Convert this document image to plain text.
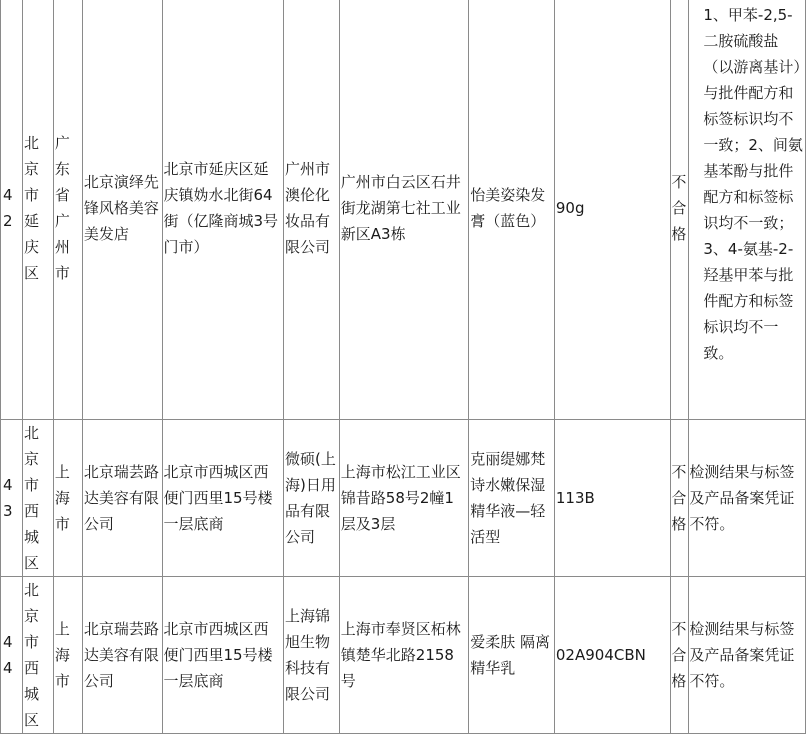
42	北京市延庆区	广东省广州市	北京演绎先锋风格美容美发店	北京市延庆区延庆镇妫水北街64街（亿隆商城3号门市）	广州市澳伦化妆品有限公司	广州市白云区石井街龙湖第七社工业新区A3栋	怡美姿染发膏（蓝色）	90g	不合格	1、甲苯-2,5-二胺硫酸盐（以游离基计）与批件配方和标签标识均不一致；2、间氨基苯酚与批件配方和标签标识均不一致；3、4-氨基-2-羟基甲苯与批件配方和标签标识均不一致。
43	北京市西城区	上海市	北京瑞芸路达美容有限公司	北京市西城区西便门西里15号楼一层底商	微硕(上海)日用品有限公司	上海市松江工业区锦昔路58号2幢1层及3层	克丽缇娜梵诗水嫩保湿精华液—轻活型	113B	不合格	检测结果与标签及产品备案凭证不符。
44	北京市西城区	上海市	北京瑞芸路达美容有限公司	北京市西城区西便门西里15号楼一层底商	上海锦旭生物科技有限公司	上海市奉贤区柘林镇楚华北路2158号	爱柔肤 隔离精华乳	02A904CBN	不合格	检测结果与标签及产品备案凭证不符。
